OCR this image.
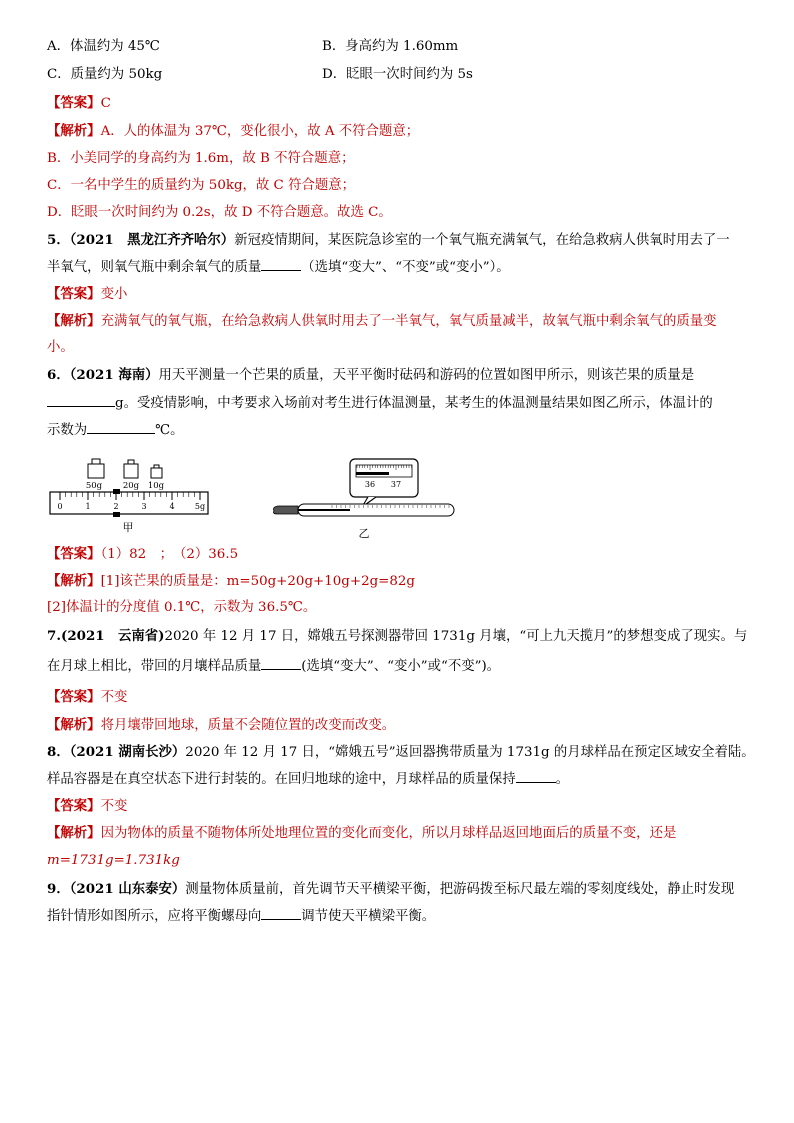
A．体温约为 45℃	B．身高约为 1.60mm
C．质量约为 50kg	D．眨眼一次时间约为 5s
【答案】C
【解析】A．人的体温为 37℃，变化很小，故 A 不符合题意；
B．小美同学的身高约为 1.6m，故 B 不符合题意；
C．一名中学生的质量约为 50kg，故 C 符合题意；
D．眨眼一次时间约为 0.2s，故 D 不符合题意。故选 C。
5．（2021　黑龙江齐齐哈尔）新冠疫情期间，某医院急诊室的一个氧气瓶充满氧气，在给急救病人供氧时用去了一
半氧气，则氧气瓶中剩余氧气的质量	（选填“变大”、“不变”或“变小”）。
【答案】变小
【解析】充满氧气的氧气瓶，在给急救病人供氧时用去了一半氧气，氧气质量减半，故氧气瓶中剩余氧气的质量变
小。
6．（2021 海南）用天平测量一个芒果的质量，天平平衡时砝码和游码的位置如图甲所示，则该芒果的质量是
g。受疫情影响，中考要求入场前对考生进行体温测量，某考生的体温测量结果如图乙所示，体温计的
示数为	℃。
50g 20g 10g
0	1	2	3	4	5g
甲
36 37
乙
【答案】（1）82　；　（2）36.5
【解析】[1]该芒果的质量是：m=50g+20g+10g+2g=82g
[2]体温计的分度值 0.1℃，示数为 36.5℃。
7.(2021　云南省)2020 年 12 月 17 日，嫦娥五号探测器带回 1731g 月壤，“可上九天揽月”的梦想变成了现实。与
在月球上相比，带回的月壤样品质量	(选填“变大”、“变小”或“不变”)。
【答案】不变
【解析】将月壤带回地球，质量不会随位置的改变而改变。
8．（2021 湖南长沙）2020 年 12 月 17 日，“嫦娥五号”返回器携带质量为 1731g 的月球样品在预定区域安全着陆。
样品容器是在真空状态下进行封装的。在回归地球的途中，月球样品的质量保持	。
【答案】不变
【解析】因为物体的质量不随物体所处地理位置的变化而变化，所以月球样品返回地面后的质量不变，还是
m=1731g=1.731kg
9．（2021 山东泰安）测量物体质量前，首先调节天平横梁平衡，把游码拨至标尺最左端的零刻度线处，静止时发现
指针情形如图所示，应将平衡螺母向	调节使天平横梁平衡。
